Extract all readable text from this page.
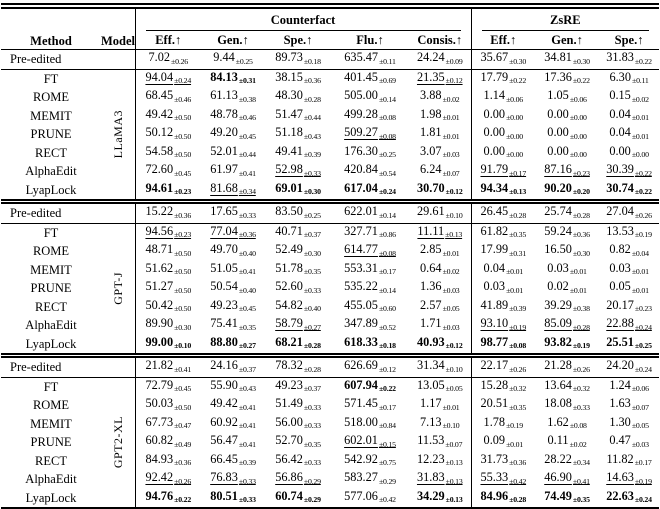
Method	Model	Counterfact					ZsRE		

		Eff.↑	Gen.↑	Spe.↑	Flu.↑	Consis.↑	Eff.↑	Gen.↑	Spe.↑
Pre-edited		$7.02_{\pm 0.26}$	$9.44_{\pm 0.25}$	$89.73_{\pm 0.18}$	$635.47_{\pm 0.11}$	$24.24_{\pm 0.09}$	$35.67_{\pm 0.30}$	$34.81_{\pm 0.30}$	$31.83_{\pm 0.22}$
FT	LLaMA3	$94.04_{\pm 0.24}$	$84.13_{\pm 0.31}$	$38.15_{\pm 0.36}$	$401.45_{\pm 0.69}$	$21.35_{\pm 0.12}$	$17.79_{\pm 0.22}$	$17.36_{\pm 0.22}$	$6.30_{\pm 0.11}$
ROME		$68.45_{\pm 0.46}$	$61.13_{\pm 0.38}$	$48.30_{\pm 0.28}$	$505.00_{\pm 0.14}$	$3.88_{\pm 0.02}$	$1.14_{\pm 0.06}$	$1.05_{\pm 0.06}$	$0.15_{\pm 0.02}$
MEMIT		$49.42_{\pm 0.50}$	$48.78_{\pm 0.46}$	$51.47_{\pm 0.44}$	$499.28_{\pm 0.08}$	$1.98_{\pm 0.01}$	$0.00_{\pm 0.00}$	$0.00_{\pm 0.00}$	$0.04_{\pm 0.01}$
PRUNE		$50.12_{\pm 0.50}$	$49.20_{\pm 0.45}$	$51.18_{\pm 0.43}$	$509.27_{\pm 0.08}$	$1.81_{\pm 0.01}$	$0.00_{\pm 0.00}$	$0.00_{\pm 0.00}$	$0.04_{\pm 0.01}$
RECT		$54.58_{\pm 0.50}$	$52.01_{\pm 0.44}$	$49.41_{\pm 0.39}$	$176.30_{\pm 0.25}$	$3.07_{\pm 0.03}$	$0.00_{\pm 0.00}$	$0.00_{\pm 0.00}$	$0.00_{\pm 0.00}$
AlphaEdit		$72.60_{\pm 0.45}$	$61.97_{\pm 0.41}$	$52.98_{\pm 0.33}$	$420.84_{\pm 0.54}$	$6.24_{\pm 0.07}$	$91.79_{\pm 0.17}$	$87.16_{\pm 0.23}$	$30.39_{\pm 0.22}$
LyapLock		$94.61_{\pm 0.23}$	$81.68_{\pm 0.34}$	$69.01_{\pm 0.30}$	$617.04_{\pm 0.24}$	$30.70_{\pm 0.12}$	$94.34_{\pm 0.13}$	$90.20_{\pm 0.20}$	$30.74_{\pm 0.22}$
Pre-edited		$15.22_{\pm 0.36}$	$17.65_{\pm 0.33}$	$83.50_{\pm 0.25}$	$622.01_{\pm 0.14}$	$29.61_{\pm 0.10}$	$26.45_{\pm 0.28}$	$25.74_{\pm 0.28}$	$27.04_{\pm 0.26}$
FT	GPT-J	$94.56_{\pm 0.23}$	$77.04_{\pm 0.36}$	$40.71_{\pm 0.37}$	$327.71_{\pm 0.86}$	$11.11_{\pm 0.13}$	$61.82_{\pm 0.35}$	$59.24_{\pm 0.36}$	$13.53_{\pm 0.19}$
ROME		$48.71_{\pm 0.50}$	$49.70_{\pm 0.40}$	$52.49_{\pm 0.30}$	$614.77_{\pm 0.08}$	$2.85_{\pm 0.01}$	$17.99_{\pm 0.31}$	$16.50_{\pm 0.30}$	$0.82_{\pm 0.04}$
MEMIT		$51.62_{\pm 0.50}$	$51.05_{\pm 0.41}$	$51.78_{\pm 0.35}$	$553.31_{\pm 0.17}$	$0.64_{\pm 0.02}$	$0.04_{\pm 0.01}$	$0.03_{\pm 0.01}$	$0.03_{\pm 0.01}$
PRUNE		$51.27_{\pm 0.50}$	$50.54_{\pm 0.40}$	$52.60_{\pm 0.33}$	$535.22_{\pm 0.14}$	$1.36_{\pm 0.03}$	$0.03_{\pm 0.01}$	$0.02_{\pm 0.01}$	$0.05_{\pm 0.01}$
RECT		$50.42_{\pm 0.50}$	$49.23_{\pm 0.45}$	$54.82_{\pm 0.40}$	$455.05_{\pm 0.60}$	$2.57_{\pm 0.05}$	$41.89_{\pm 0.39}$	$39.29_{\pm 0.38}$	$20.17_{\pm 0.23}$
AlphaEdit		$89.90_{\pm 0.30}$	$75.41_{\pm 0.35}$	$58.79_{\pm 0.27}$	$347.89_{\pm 0.52}$	$1.71_{\pm 0.03}$	$93.10_{\pm 0.19}$	$85.09_{\pm 0.28}$	$22.88_{\pm 0.24}$
LyapLock		$99.00_{\pm 0.10}$	$88.80_{\pm 0.27}$	$68.21_{\pm 0.28}$	$618.33_{\pm 0.18}$	$40.93_{\pm 0.12}$	$98.77_{\pm 0.08}$	$93.82_{\pm 0.19}$	$25.51_{\pm 0.25}$
Pre-edited		$21.82_{\pm 0.41}$	$24.16_{\pm 0.37}$	$78.32_{\pm 0.28}$	$626.69_{\pm 0.12}$	$31.34_{\pm 0.10}$	$22.17_{\pm 0.26}$	$21.28_{\pm 0.26}$	$24.20_{\pm 0.24}$
FT	GPT2-XL	$72.79_{\pm 0.45}$	$55.90_{\pm 0.43}$	$49.23_{\pm 0.37}$	$607.94_{\pm 0.22}$	$13.05_{\pm 0.05}$	$15.28_{\pm 0.32}$	$13.64_{\pm 0.32}$	$1.24_{\pm 0.06}$
ROME		$50.03_{\pm 0.50}$	$49.42_{\pm 0.41}$	$51.49_{\pm 0.33}$	$571.45_{\pm 0.17}$	$1.17_{\pm 0.01}$	$20.51_{\pm 0.35}$	$18.08_{\pm 0.33}$	$1.63_{\pm 0.07}$
MEMIT		$67.73_{\pm 0.47}$	$60.92_{\pm 0.41}$	$56.00_{\pm 0.33}$	$518.00_{\pm 0.84}$	$7.13_{\pm 0.10}$	$1.78_{\pm 0.19}$	$1.62_{\pm 0.08}$	$1.30_{\pm 0.05}$
PRUNE		$60.82_{\pm 0.49}$	$56.47_{\pm 0.41}$	$52.70_{\pm 0.35}$	$602.01_{\pm 0.15}$	$11.53_{\pm 0.07}$	$0.09_{\pm 0.01}$	$0.11_{\pm 0.02}$	$0.47_{\pm 0.03}$
RECT		$84.93_{\pm 0.36}$	$66.45_{\pm 0.39}$	$56.42_{\pm 0.33}$	$542.92_{\pm 0.75}$	$12.23_{\pm 0.13}$	$31.73_{\pm 0.36}$	$28.22_{\pm 0.34}$	$11.82_{\pm 0.17}$
AlphaEdit		$92.42_{\pm 0.26}$	$76.83_{\pm 0.33}$	$56.86_{\pm 0.29}$	$583.27_{\pm 0.29}$	$31.83_{\pm 0.13}$	$55.33_{\pm 0.42}$	$46.90_{\pm 0.41}$	$14.63_{\pm 0.19}$
LyapLock		$94.76_{\pm 0.22}$	$80.51_{\pm 0.33}$	$60.74_{\pm 0.29}$	$577.06_{\pm 0.42}$	$34.29_{\pm 0.13}$	$84.96_{\pm 0.28}$	$74.49_{\pm 0.35}$	$22.63_{\pm 0.24}$
